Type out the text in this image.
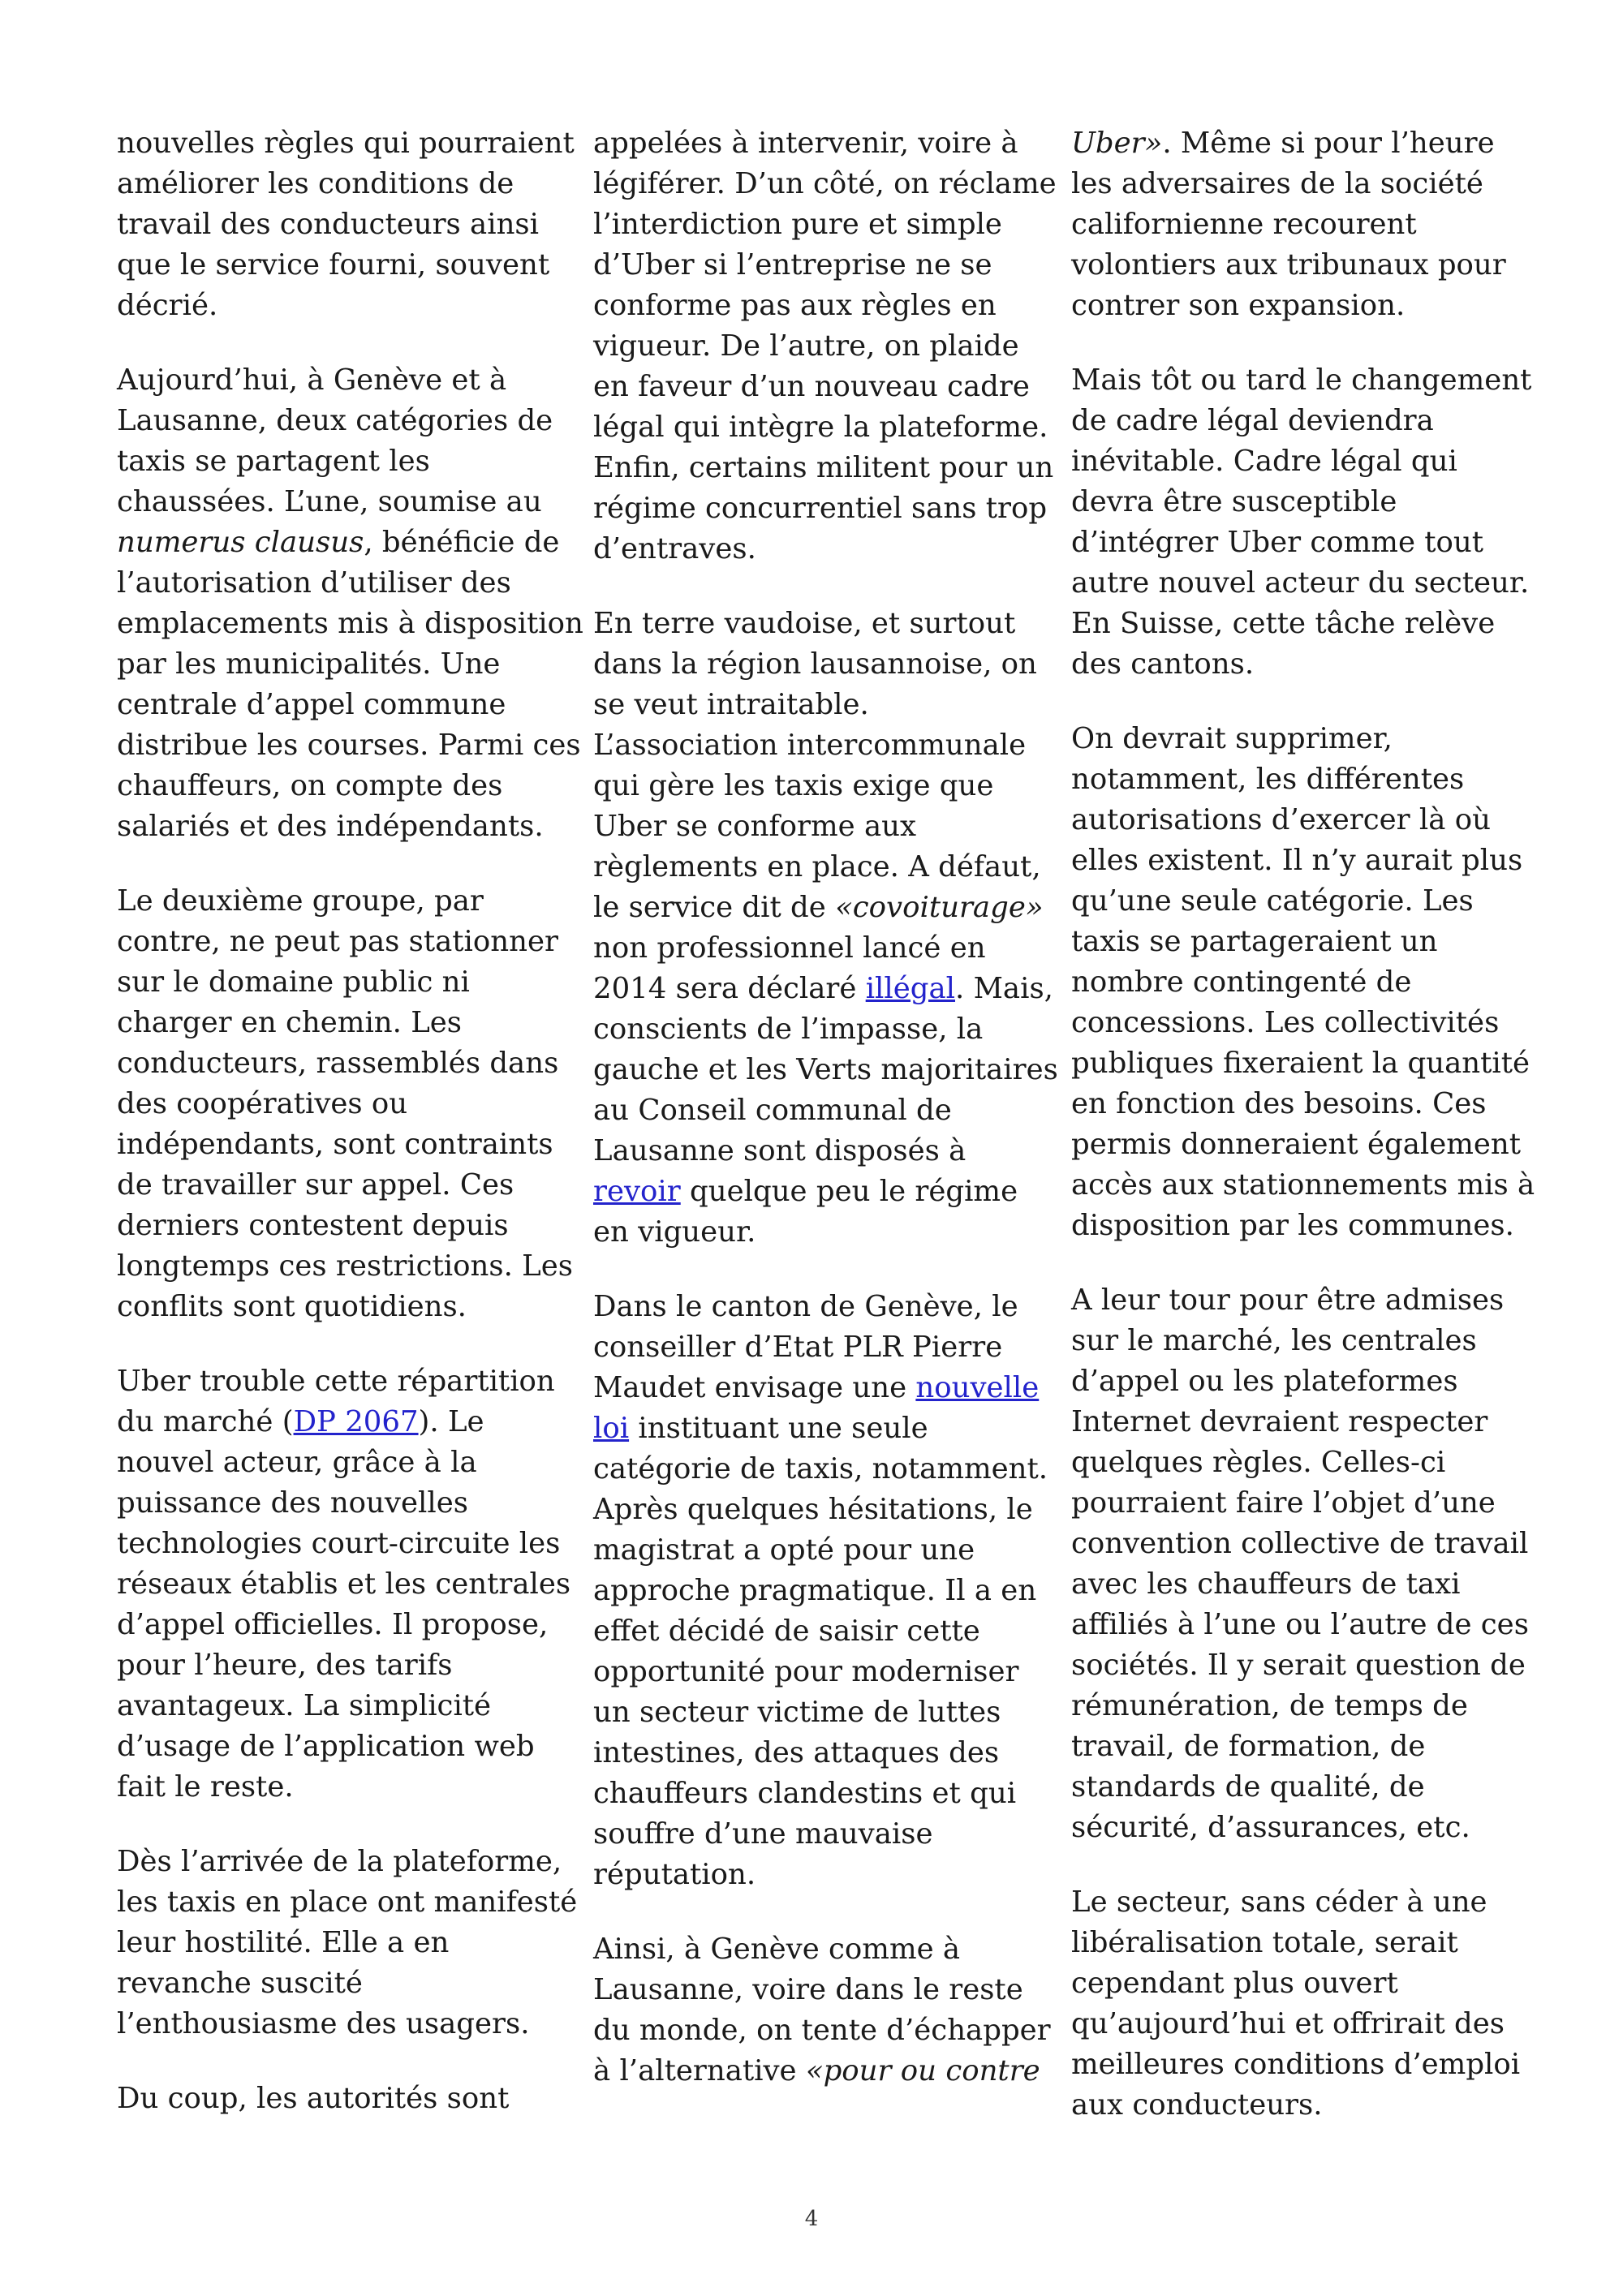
nouvelles règles qui pourraient
améliorer les conditions de
travail des conducteurs ainsi
que le service fourni, souvent
décrié.

Aujourd’hui, à Genève et à
Lausanne, deux catégories de
taxis se partagent les
chaussées. L’une, soumise au
numerus clausus, bénéficie de
l’autorisation d’utiliser des
emplacements mis à disposition
par les municipalités. Une
centrale d’appel commune
distribue les courses. Parmi ces
chauffeurs, on compte des
salariés et des indépendants.

Le deuxième groupe, par
contre, ne peut pas stationner
sur le domaine public ni
charger en chemin. Les
conducteurs, rassemblés dans
des coopératives ou
indépendants, sont contraints
de travailler sur appel. Ces
derniers contestent depuis
longtemps ces restrictions. Les
conflits sont quotidiens.

Uber trouble cette répartition
du marché (DP 2067). Le
nouvel acteur, grâce à la
puissance des nouvelles
technologies court-circuite les
réseaux établis et les centrales
d’appel officielles. Il propose,
pour l’heure, des tarifs
avantageux. La simplicité
d’usage de l’application web
fait le reste.

Dès l’arrivée de la plateforme,
les taxis en place ont manifesté
leur hostilité. Elle a en
revanche suscité
l’enthousiasme des usagers.

Du coup, les autorités sont

appelées à intervenir, voire à
légiférer. D’un côté, on réclame
l’interdiction pure et simple
d’Uber si l’entreprise ne se
conforme pas aux règles en
vigueur. De l’autre, on plaide
en faveur d’un nouveau cadre
légal qui intègre la plateforme.
Enfin, certains militent pour un
régime concurrentiel sans trop
d’entraves.

En terre vaudoise, et surtout
dans la région lausannoise, on
se veut intraitable.
L’association intercommunale
qui gère les taxis exige que
Uber se conforme aux
règlements en place. A défaut,
le service dit de «covoiturage»
non professionnel lancé en
2014 sera déclaré illégal. Mais,
conscients de l’impasse, la
gauche et les Verts majoritaires
au Conseil communal de
Lausanne sont disposés à
revoir quelque peu le régime
en vigueur.

Dans le canton de Genève, le
conseiller d’Etat PLR Pierre
Maudet envisage une nouvelle
loi instituant une seule
catégorie de taxis, notamment.
Après quelques hésitations, le
magistrat a opté pour une
approche pragmatique. Il a en
effet décidé de saisir cette
opportunité pour moderniser
un secteur victime de luttes
intestines, des attaques des
chauffeurs clandestins et qui
souffre d’une mauvaise
réputation.

Ainsi, à Genève comme à
Lausanne, voire dans le reste
du monde, on tente d’échapper
à l’alternative «pour ou contre

Uber». Même si pour l’heure
les adversaires de la société
californienne recourent
volontiers aux tribunaux pour
contrer son expansion.

Mais tôt ou tard le changement
de cadre légal deviendra
inévitable. Cadre légal qui
devra être susceptible
d’intégrer Uber comme tout
autre nouvel acteur du secteur.
En Suisse, cette tâche relève
des cantons.

On devrait supprimer,
notamment, les différentes
autorisations d’exercer là où
elles existent. Il n’y aurait plus
qu’une seule catégorie. Les
taxis se partageraient un
nombre contingenté de
concessions. Les collectivités
publiques fixeraient la quantité
en fonction des besoins. Ces
permis donneraient également
accès aux stationnements mis à
disposition par les communes.

A leur tour pour être admises
sur le marché, les centrales
d’appel ou les plateformes
Internet devraient respecter
quelques règles. Celles-ci
pourraient faire l’objet d’une
convention collective de travail
avec les chauffeurs de taxi
affiliés à l’une ou l’autre de ces
sociétés. Il y serait question de
rémunération, de temps de
travail, de formation, de
standards de qualité, de
sécurité, d’assurances, etc.

Le secteur, sans céder à une
libéralisation totale, serait
cependant plus ouvert
qu’aujourd’hui et offrirait des
meilleures conditions d’emploi
aux conducteurs.

4
